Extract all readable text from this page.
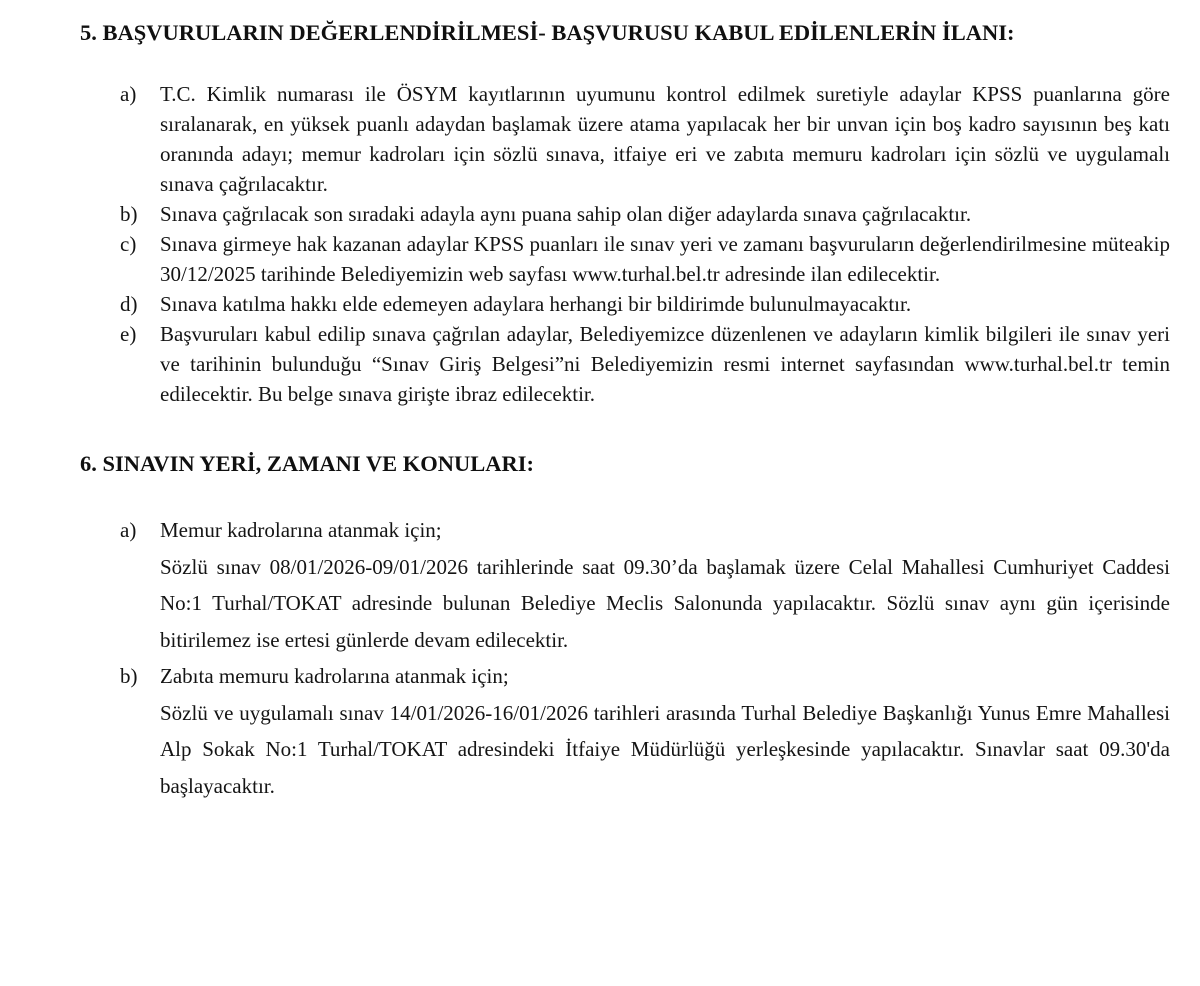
5. BAŞVURULARIN DEĞERLENDİRİLMESİ- BAŞVURUSU KABUL EDİLENLERİN İLANI:
a)	T.C. Kimlik numarası ile ÖSYM kayıtlarının uyumunu kontrol edilmek suretiyle adaylar KPSS puanlarına göre sıralanarak, en yüksek puanlı adaydan başlamak üzere atama yapılacak her bir unvan için boş kadro sayısının beş katı oranında adayı; memur kadroları için sözlü sınava, itfaiye eri ve zabıta memuru kadroları için sözlü ve uygulamalı sınava çağrılacaktır.

b)	Sınava çağrılacak son sıradaki adayla aynı puana sahip olan diğer adaylarda sınava çağrılacaktır.

c)	Sınava girmeye hak kazanan adaylar KPSS puanları ile sınav yeri ve zamanı başvuruların değerlendirilmesine müteakip 30/12/2025 tarihinde Belediyemizin web sayfası www.turhal.bel.tr adresinde ilan edilecektir.

d)	Sınava katılma hakkı elde edemeyen adaylara herhangi bir bildirimde bulunulmayacaktır.

e)	Başvuruları kabul edilip sınava çağrılan adaylar, Belediyemizce düzenlenen ve adayların kimlik bilgileri ile sınav yeri ve tarihinin bulunduğu “Sınav Giriş Belgesi”ni Belediyemizin resmi internet sayfasından www.turhal.bel.tr temin edilecektir. Bu belge sınava girişte ibraz edilecektir.

6. SINAVIN YERİ, ZAMANI VE KONULARI:
a)	Memur kadrolarına atanmak için;

Sözlü sınav 08/01/2026-09/01/2026 tarihlerinde saat 09.30’da başlamak üzere Celal Mahallesi Cumhuriyet Caddesi No:1 Turhal/TOKAT adresinde bulunan Belediye Meclis Salonunda yapılacaktır. Sözlü sınav aynı gün içerisinde bitirilemez ise ertesi günlerde devam edilecektir.

b)	Zabıta memuru kadrolarına atanmak için;

Sözlü ve uygulamalı sınav 14/01/2026-16/01/2026 tarihleri arasında Turhal Belediye Başkanlığı Yunus Emre Mahallesi Alp Sokak No:1 Turhal/TOKAT adresindeki İtfaiye Müdürlüğü yerleşkesinde yapılacaktır. Sınavlar saat 09.30'da başlayacaktır.
